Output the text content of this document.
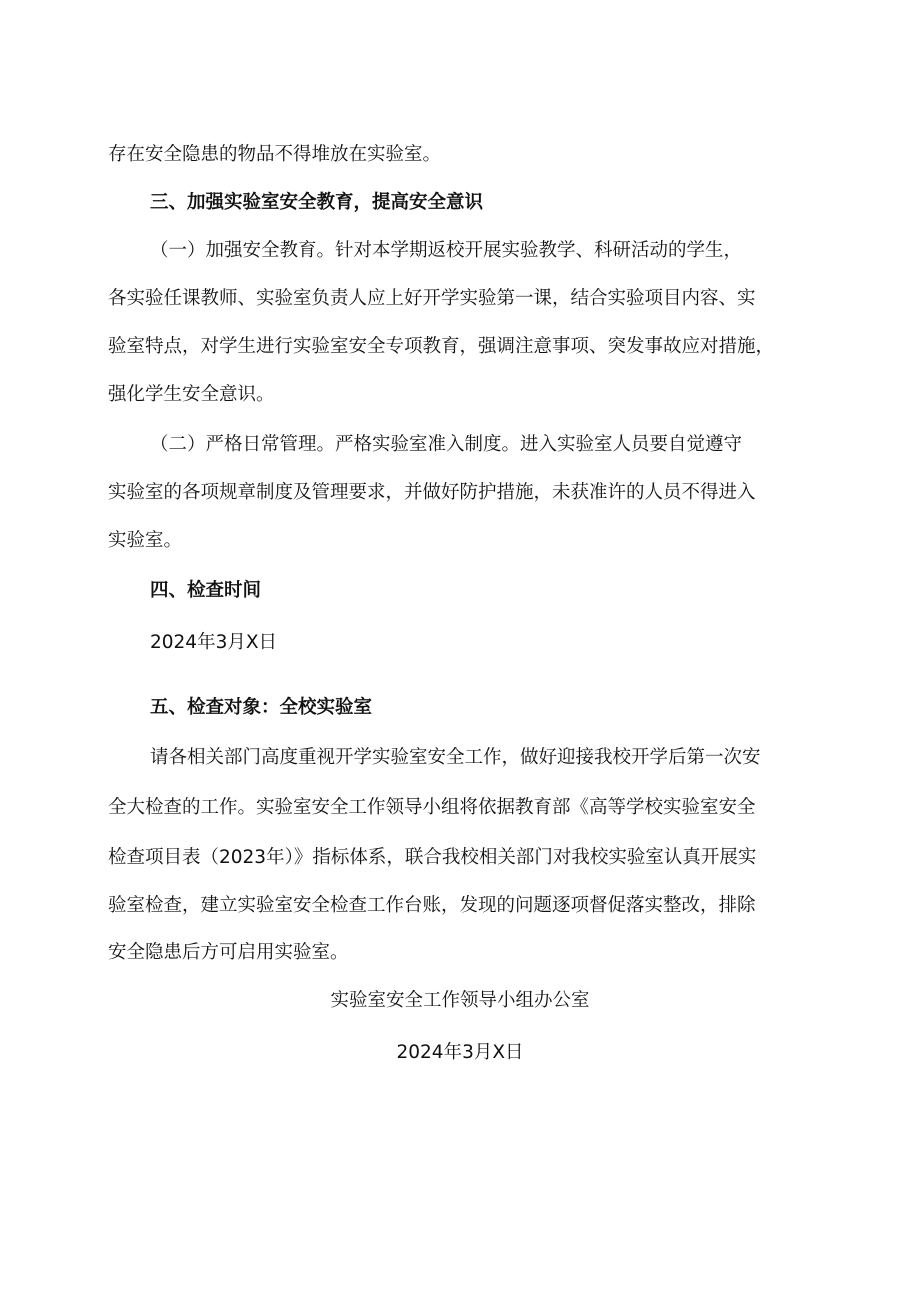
存在安全隐患的物品不得堆放在实验室。
三、加强实验室安全教育，提高安全意识
（一）加强安全教育。针对本学期返校开展实验教学、科研活动的学生，
各实验任课教师、实验室负责人应上好开学实验第一课，结合实验项目内容、实
验室特点，对学生进行实验室安全专项教育，强调注意事项、突发事故应对措施，
强化学生安全意识。
（二）严格日常管理。严格实验室准入制度。进入实验室人员要自觉遵守
实验室的各项规章制度及管理要求，并做好防护措施，未获准许的人员不得进入
实验室。
四、检查时间
2024年3月X日
五、检查对象：全校实验室
请各相关部门高度重视开学实验室安全工作，做好迎接我校开学后第一次安
全大检查的工作。实验室安全工作领导小组将依据教育部《高等学校实验室安全
检查项目表（2023年）》指标体系，联合我校相关部门对我校实验室认真开展实
验室检查，建立实验室安全检查工作台账，发现的问题逐项督促落实整改，排除
安全隐患后方可启用实验室。
实验室安全工作领导小组办公室
2024年3月X日
